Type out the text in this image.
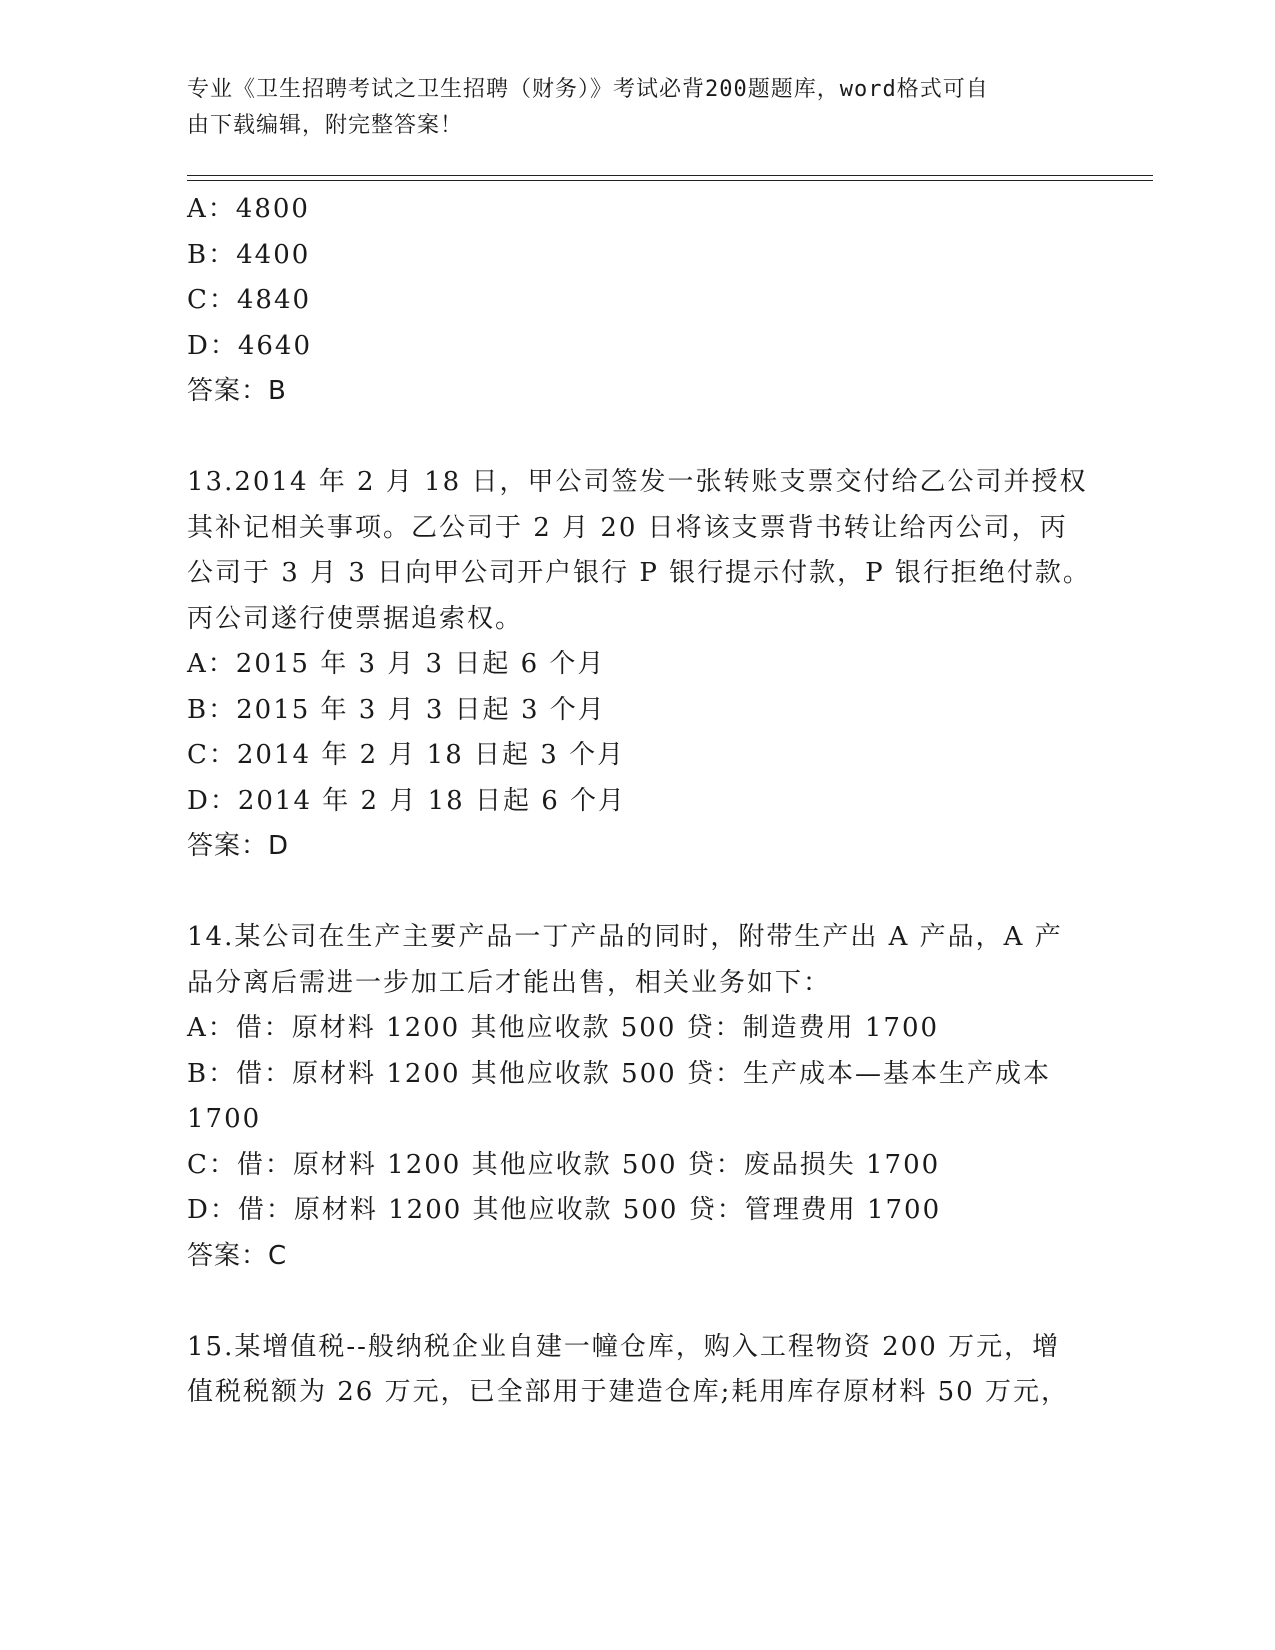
专业《卫生招聘考试之卫生招聘（财务）》考试必背200题题库，word格式可自
由下载编辑，附完整答案！
A：4800
B：4400
C：4840
D：4640
答案：B
13.2014 年 2 月 18 日，甲公司签发一张转账支票交付给乙公司并授权
其补记相关事项。乙公司于 2 月 20 日将该支票背书转让给丙公司，丙
公司于 3 月 3 日向甲公司开户银行 P 银行提示付款，P 银行拒绝付款。
丙公司遂行使票据追索权。
A：2015 年 3 月 3 日起 6 个月
B：2015 年 3 月 3 日起 3 个月
C：2014 年 2 月 18 日起 3 个月
D：2014 年 2 月 18 日起 6 个月
答案：D
14.某公司在生产主要产品一丁产品的同时，附带生产出 A 产品，A 产
品分离后需进一步加工后才能出售，相关业务如下：
A：借：原材料 1200 其他应收款 500 贷：制造费用 1700
B：借：原材料 1200 其他应收款 500 贷：生产成本—基本生产成本
1700
C：借：原材料 1200 其他应收款 500 贷：废品损失 1700
D：借：原材料 1200 其他应收款 500 贷：管理费用 1700
答案：C
15.某增值税--般纳税企业自建一幢仓库，购入工程物资 200 万元，增
值税税额为 26 万元，已全部用于建造仓库;耗用库存原材料 50 万元，
